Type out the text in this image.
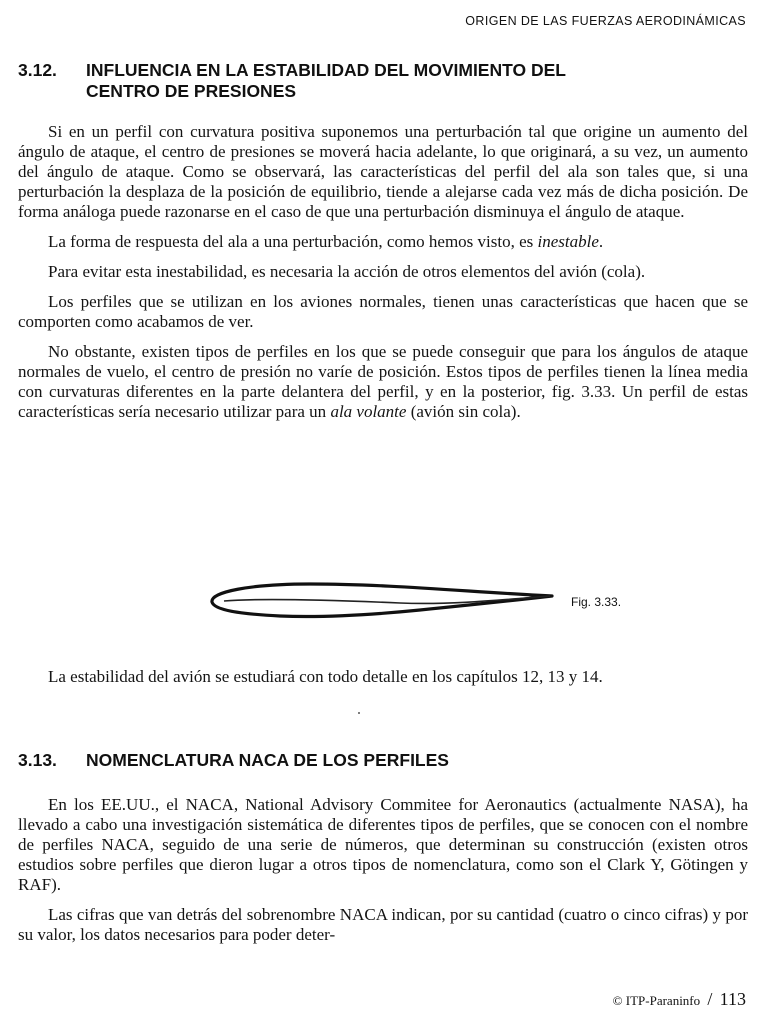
ORIGEN DE LAS FUERZAS AERODINÁMICAS
3.12. INFLUENCIA EN LA ESTABILIDAD DEL MOVIMIENTO DEL
CENTRO DE PRESIONES

Si en un perfil con curvatura positiva suponemos una perturbación tal que origine un aumento del ángulo de ataque, el centro de presiones se moverá hacia adelante, lo que originará, a su vez, un aumento del ángulo de ataque. Como se observará, las características del perfil del ala son tales que, si una perturbación la desplaza de la posición de equilibrio, tiende a alejarse cada vez más de dicha posición. De forma análoga puede razonarse en el caso de que una perturbación disminuya el ángulo de ataque.

La forma de respuesta del ala a una perturbación, como hemos visto, es inestable.

Para evitar esta inestabilidad, es necesaria la acción de otros elementos del avión (cola).

Los perfiles que se utilizan en los aviones normales, tienen unas características que hacen que se comporten como acabamos de ver.

No obstante, existen tipos de perfiles en los que se puede conseguir que para los ángulos de ataque normales de vuelo, el centro de presión no varíe de posición. Estos tipos de perfiles tienen la línea media con curvaturas diferentes en la parte delantera del perfil, y en la posterior, fig. 3.33. Un perfil de estas características sería necesario utilizar para un ala volante (avión sin cola).

Fig. 3.33.

La estabilidad del avión se estudiará con todo detalle en los capítulos 12, 13 y 14.

3.13. NOMENCLATURA NACA DE LOS PERFILES

En los EE.UU., el NACA, National Advisory Commitee for Aeronautics (actualmente NASA), ha llevado a cabo una investigación sistemática de diferentes tipos de perfiles, que se conocen con el nombre de perfiles NACA, seguido de una serie de números, que determinan su construcción (existen otros estudios sobre perfiles que dieron lugar a otros tipos de nomenclatura, como son el Clark Y, Götingen y RAF).

Las cifras que van detrás del sobrenombre NACA indican, por su cantidad (cuatro o cinco cifras) y por su valor, los datos necesarios para poder deter-

© ITP-Paraninfo / 113
